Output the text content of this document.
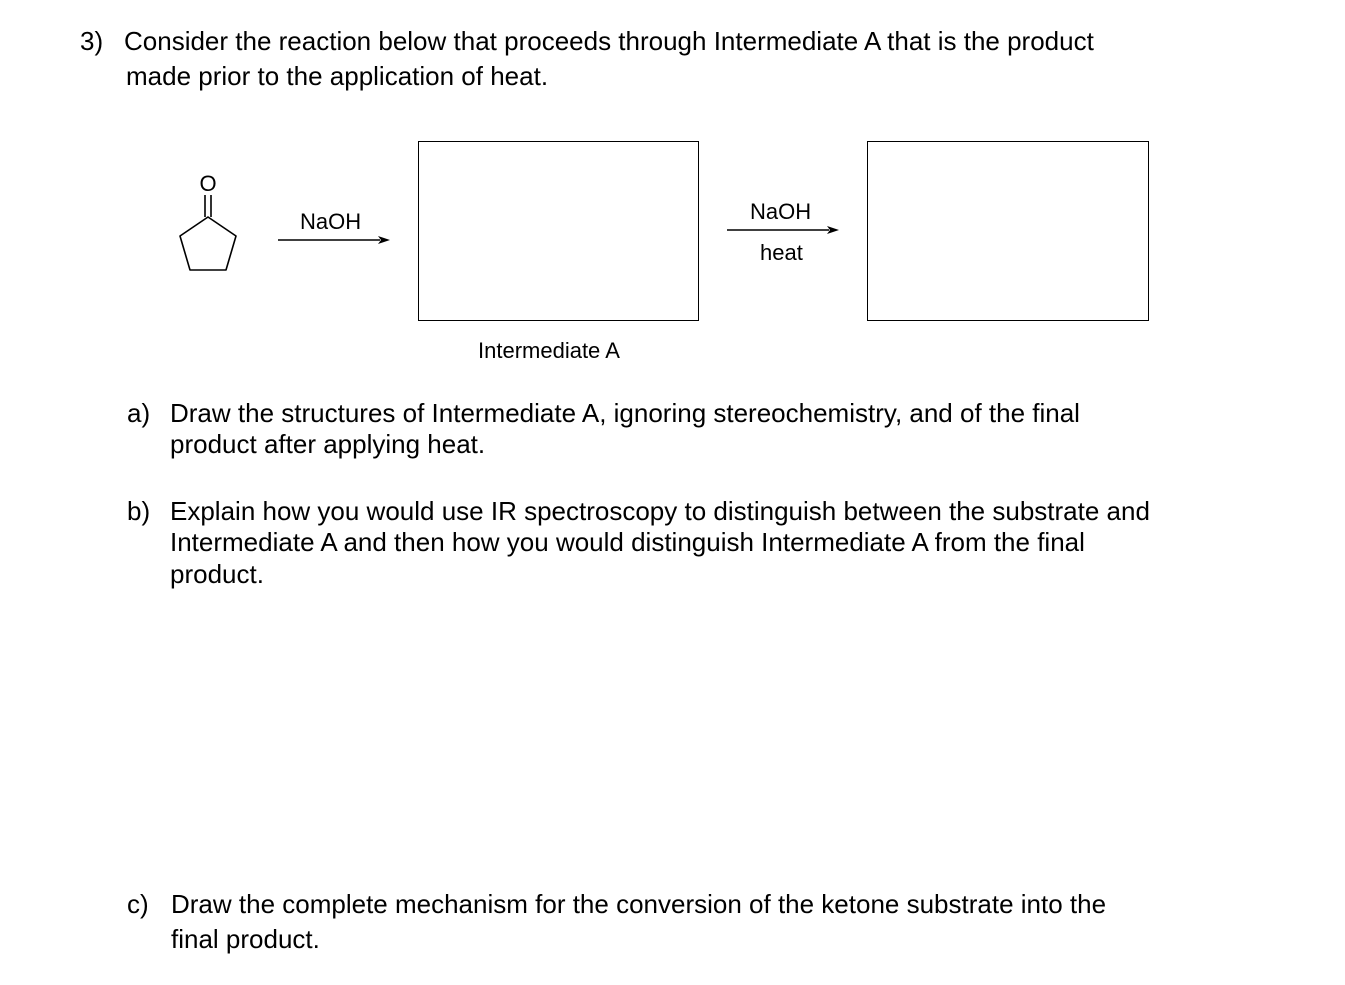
3) Consider the reaction below that proceeds through Intermediate A that is the product
made prior to the application of heat.
O
NaOH
Intermediate A
NaOH
heat
a) Draw the structures of Intermediate A, ignoring stereochemistry, and of the final
product after applying heat.
b) Explain how you would use IR spectroscopy to distinguish between the substrate and
Intermediate A and then how you would distinguish Intermediate A from the final
product.
c) Draw the complete mechanism for the conversion of the ketone substrate into the
final product.
